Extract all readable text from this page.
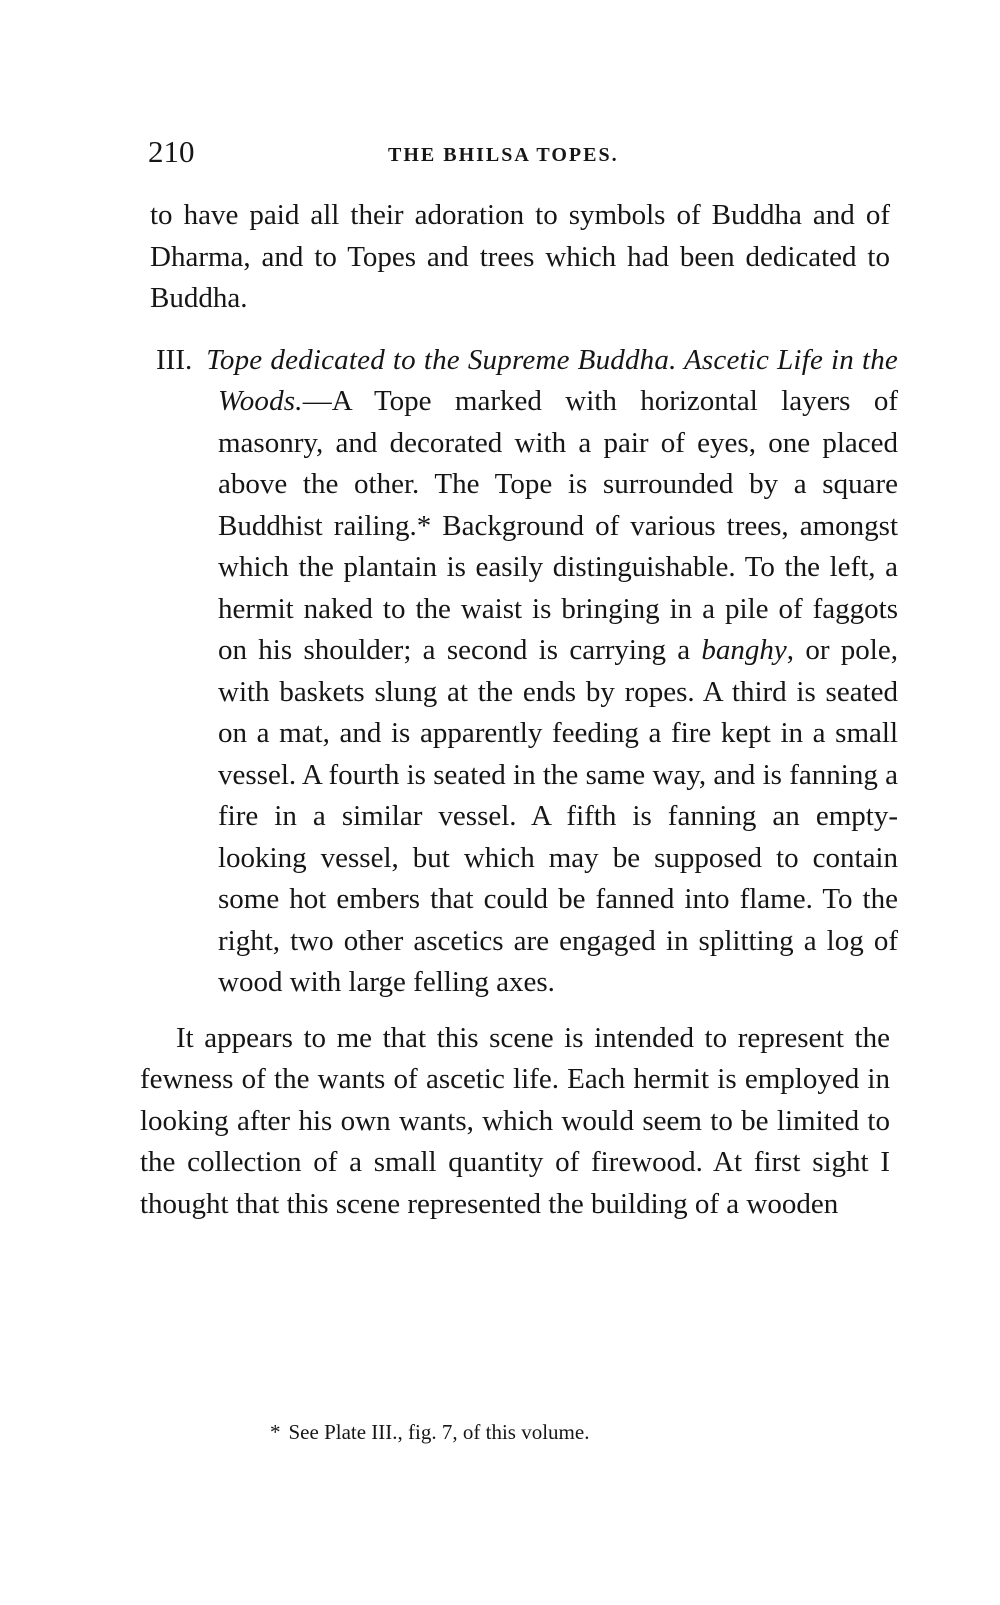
210	THE BHILSA TOPES.

to have paid all their adoration to symbols of Buddha and of Dharma, and to Topes and trees which had been dedicated to Buddha.

III. Tope dedicated to the Supreme Buddha. Ascetic Life in the Woods.—A Tope marked with horizontal layers of masonry, and decorated with a pair of eyes, one placed above the other. The Tope is surrounded by a square Buddhist railing.* Background of various trees, amongst which the plantain is easily distinguishable. To the left, a hermit naked to the waist is bringing in a pile of faggots on his shoulder; a second is carrying a banghy, or pole, with baskets slung at the ends by ropes. A third is seated on a mat, and is apparently feeding a fire kept in a small vessel. A fourth is seated in the same way, and is fanning a fire in a similar vessel. A fifth is fanning an empty-looking vessel, but which may be supposed to contain some hot embers that could be fanned into flame. To the right, two other ascetics are engaged in splitting a log of wood with large felling axes.

It appears to me that this scene is intended to represent the fewness of the wants of ascetic life. Each hermit is employed in looking after his own wants, which would seem to be limited to the collection of a small quantity of firewood. At first sight I thought that this scene represented the building of a wooden

* See Plate III., fig. 7, of this volume.
